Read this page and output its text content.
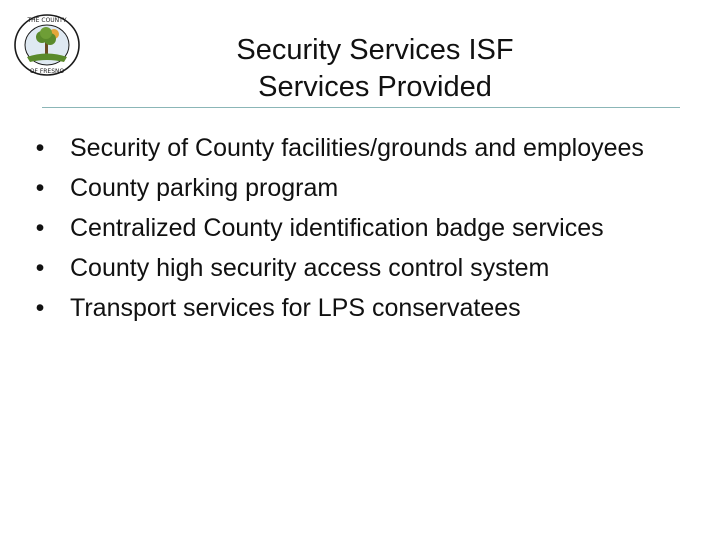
THE COUNTY
OF FRESNO
Security Services ISF
Services Provided
• Security of County facilities/grounds and employees
• County parking program
• Centralized County identification badge services
• County high security access control system
• Transport services for LPS conservatees
